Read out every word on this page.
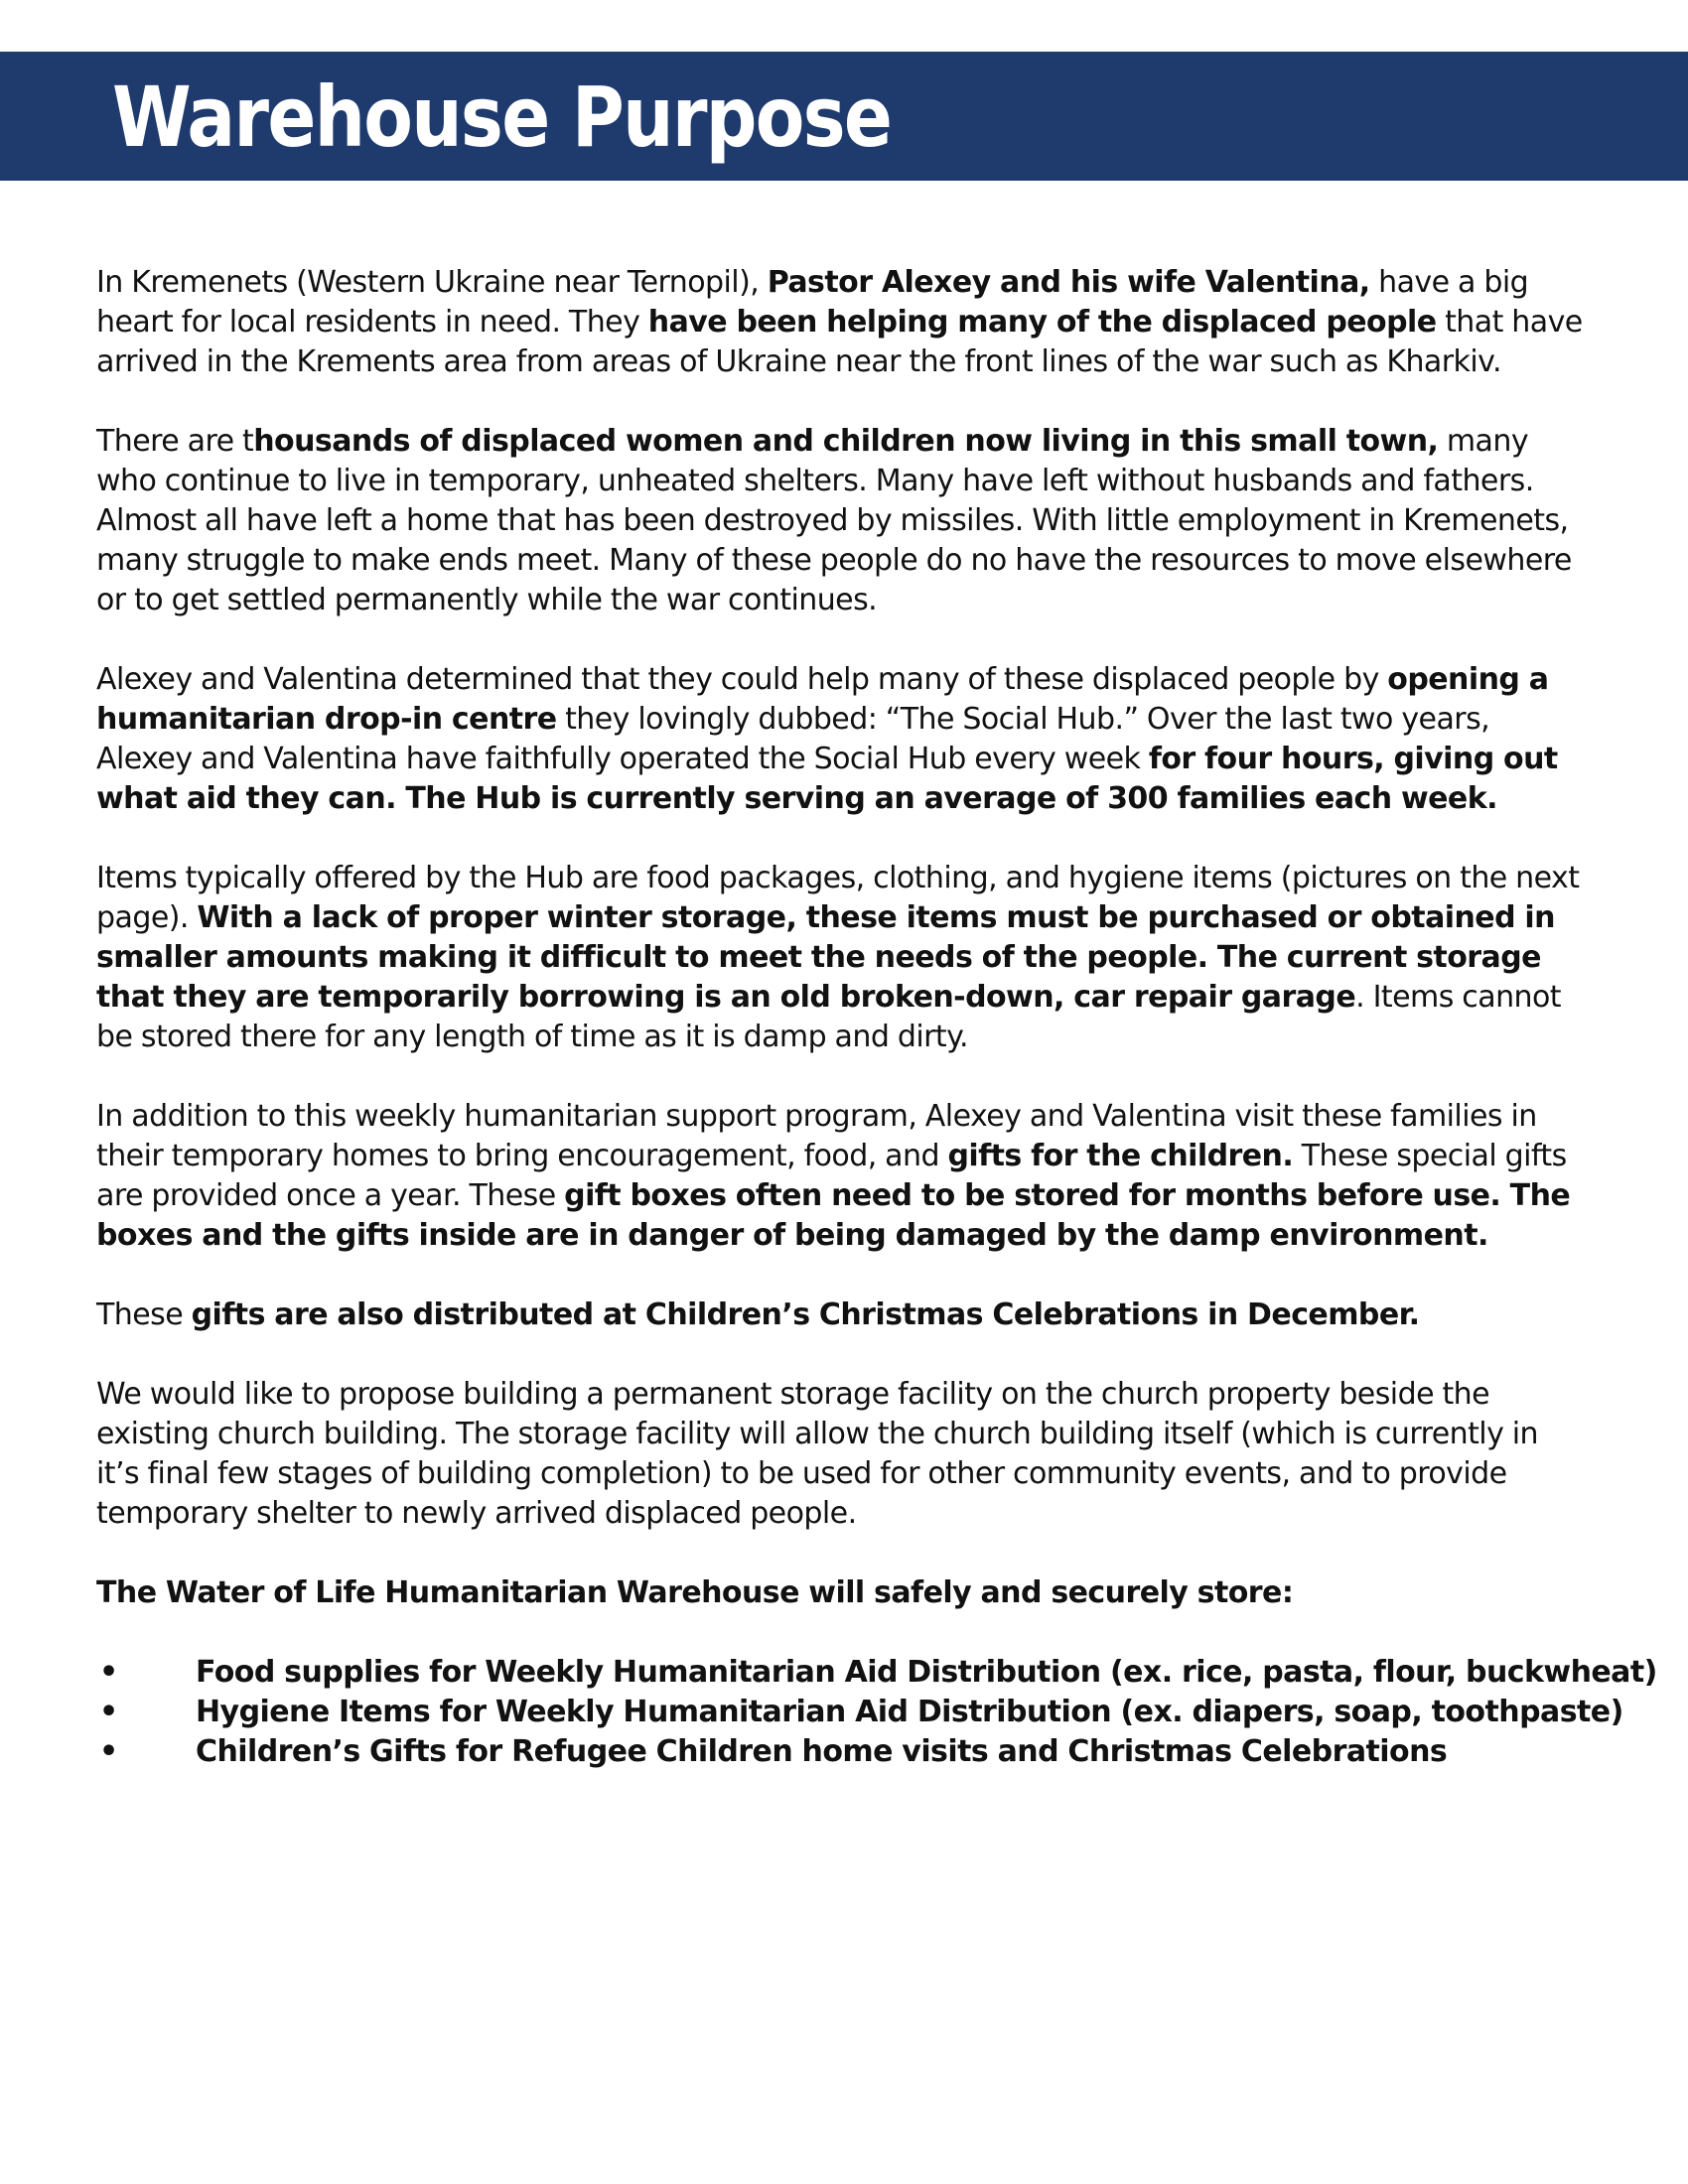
Warehouse Purpose

In Kremenets (Western Ukraine near Ternopil), Pastor Alexey and his wife Valentina, have a big heart for local residents in need. They have been helping many of the displaced people that have arrived in the Krements area from areas of Ukraine near the front lines of the war such as Kharkiv.

There are thousands of displaced women and children now living in this small town, many who continue to live in temporary, unheated shelters. Many have left without husbands and fathers. Almost all have left a home that has been destroyed by missiles. With little employment in Kremenets, many struggle to make ends meet. Many of these people do no have the resources to move elsewhere or to get settled permanently while the war continues.

Alexey and Valentina determined that they could help many of these displaced people by opening a humanitarian drop-in centre they lovingly dubbed: “The Social Hub.” Over the last two years, Alexey and Valentina have faithfully operated the Social Hub every week for four hours, giving out what aid they can. The Hub is currently serving an average of 300 families each week.

Items typically offered by the Hub are food packages, clothing, and hygiene items (pictures on the next page). With a lack of proper winter storage, these items must be purchased or obtained in smaller amounts making it difficult to meet the needs of the people. The current storage that they are temporarily borrowing is an old broken-down, car repair garage. Items cannot be stored there for any length of time as it is damp and dirty.

In addition to this weekly humanitarian support program, Alexey and Valentina visit these families in their temporary homes to bring encouragement, food, and gifts for the children. These special gifts are provided once a year. These gift boxes often need to be stored for months before use. The boxes and the gifts inside are in danger of being damaged by the damp environment.

These gifts are also distributed at Children’s Christmas Celebrations in December.

We would like to propose building a permanent storage facility on the church property beside the existing church building. The storage facility will allow the church building itself (which is currently in it’s final few stages of building completion) to be used for other community events, and to provide temporary shelter to newly arrived displaced people.

The Water of Life Humanitarian Warehouse will safely and securely store:

•	Food supplies for Weekly Humanitarian Aid Distribution (ex. rice, pasta, flour, buckwheat)
•	Hygiene Items for Weekly Humanitarian Aid Distribution (ex. diapers, soap, toothpaste)
•	Children’s Gifts for Refugee Children home visits and Christmas Celebrations
